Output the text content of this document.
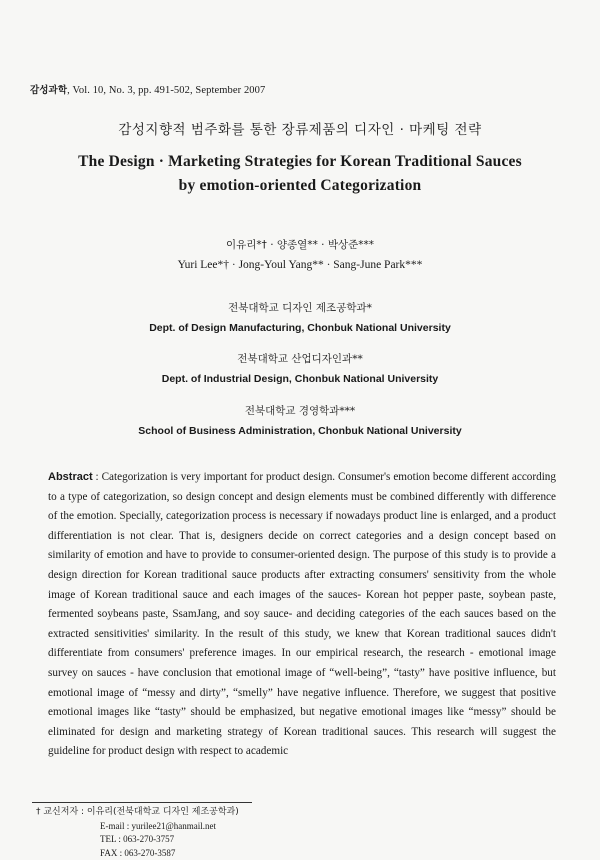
감성과학, Vol. 10, No. 3, pp. 491-502, September 2007
감성지향적 범주화를 통한 장류제품의 디자인 · 마케팅 전략
The Design · Marketing Strategies for Korean Traditional Sauces
by emotion-oriented Categorization
이유리*† · 양종열** · 박상준***
Yuri Lee*† · Jong-Youl Yang** · Sang-June Park***
전북대학교 디자인 제조공학과*
Dept. of Design Manufacturing, Chonbuk National University
전북대학교 산업디자인과**
Dept. of Industrial Design, Chonbuk National University
전북대학교 경영학과***
School of Business Administration, Chonbuk National University
Abstract : Categorization is very important for product design. Consumer's emotion become different according to a type of categorization, so design concept and design elements must be combined differently with difference of the emotion. Specially, categorization process is necessary if nowadays product line is enlarged, and a product differentiation is not clear. That is, designers decide on correct categories and a design concept based on similarity of emotion and have to provide to consumer-oriented design. The purpose of this study is to provide a design direction for Korean traditional sauce products after extracting consumers' sensitivity from the whole image of Korean traditional sauce and each images of the sauces- Korean hot pepper paste, soybean paste, fermented soybeans paste, SsamJang, and soy sauce- and deciding categories of the each sauces based on the extracted sensitivities' similarity. In the result of this study, we knew that Korean traditional sauces didn't differentiate from consumers' preference images. In our empirical research, the research - emotional image survey on sauces - have conclusion that emotional image of “well-being”, “tasty” have positive influence, but emotional image of “messy and dirty”, “smelly” have negative influence. Therefore, we suggest that positive emotional images like “tasty” should be emphasized, but negative emotional images like “messy” should be eliminated for design and marketing strategy of Korean traditional sauces. This research will suggest the guideline for product design with respect to academic
† 교신저자 : 이유리(전북대학교 디자인 제조공학과)
E-mail : yurilee21@hanmail.net
TEL : 063-270-3757
FAX : 063-270-3587
